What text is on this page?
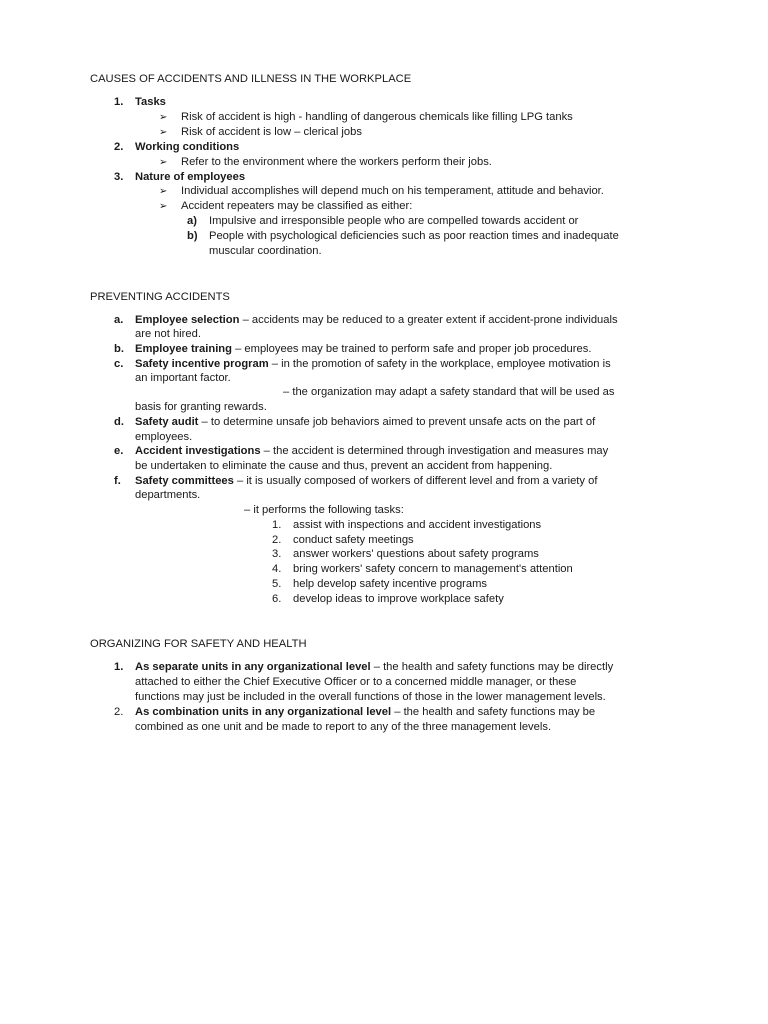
CAUSES OF ACCIDENTS AND ILLNESS IN THE WORKPLACE
1. Tasks
➢ Risk of accident is high - handling of dangerous chemicals like filling LPG tanks
➢ Risk of accident is low – clerical jobs
2. Working conditions
➢ Refer to the environment where the workers perform their jobs.
3. Nature of employees
➢ Individual accomplishes will depend much on his temperament, attitude and behavior.
➢ Accident repeaters may be classified as either:
a) Impulsive and irresponsible people who are compelled towards accident or
b) People with psychological deficiencies such as poor reaction times and inadequate
muscular coordination.
PREVENTING ACCIDENTS
a. Employee selection – accidents may be reduced to a greater extent if accident-prone individuals
are not hired.
b. Employee training – employees may be trained to perform safe and proper job procedures.
c. Safety incentive program – in the promotion of safety in the workplace, employee motivation is
an important factor.
– the organization may adapt a safety standard that will be used as
basis for granting rewards.
d. Safety audit – to determine unsafe job behaviors aimed to prevent unsafe acts on the part of
employees.
e. Accident investigations – the accident is determined through investigation and measures may
be undertaken to eliminate the cause and thus, prevent an accident from happening.
f. Safety committees – it is usually composed of workers of different level and from a variety of
departments.
– it performs the following tasks:
1. assist with inspections and accident investigations
2. conduct safety meetings
3. answer workers' questions about safety programs
4. bring workers' safety concern to management's attention
5. help develop safety incentive programs
6. develop ideas to improve workplace safety
ORGANIZING FOR SAFETY AND HEALTH
1. As separate units in any organizational level – the health and safety functions may be directly
attached to either the Chief Executive Officer or to a concerned middle manager, or these
functions may just be included in the overall functions of those in the lower management levels.
2. As combination units in any organizational level – the health and safety functions may be
combined as one unit and be made to report to any of the three management levels.
